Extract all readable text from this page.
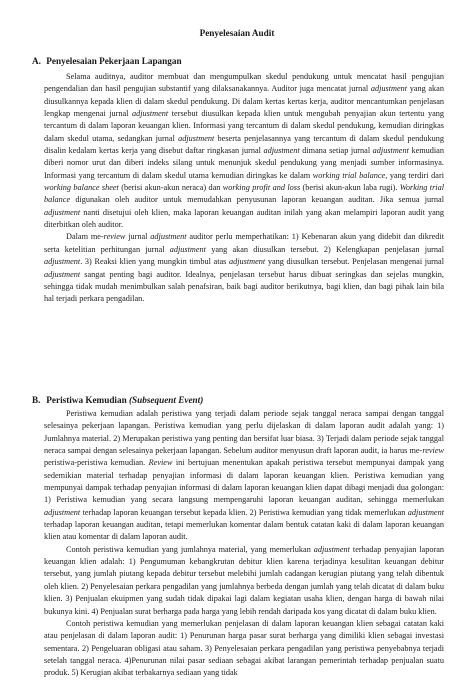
Penyelesaian Audit
A. Penyelesaian Pekerjaan Lapangan

Selama auditnya, auditor membuat dan mengumpulkan skedul pendukung untuk mencatat hasil pengujian pengendalian dan hasil pengujian substantif yang dilaksanakannya. Auditor juga mencatat jurnal adjustment yang akan diusulkannya kepada klien di dalam skedul pendukung. Di dalam kertas kertas kerja, auditor mencantumkan penjelasan lengkap mengenai jurnal adjustment tersebut diusulkan kepada klien untuk mengubah penyajian akun tertentu yang tercantum di dalam laporan keuangan klien. Informasi yang tercantum di dalam skedul pendukung, kemudian diringkas dalam skedul utama, sedangkan jurnal adjustment beserta penjelasannya yang tercantum di dalam skedul pendukung disalin kedalam kertas kerja yang disebut daftar ringkasan jurnal adjustment dimana setiap jurnal adjustment kemudian diberi nomor urut dan diberi indeks silang untuk menunjuk skedul pendukung yang menjadi sumber informasinya. Informasi yang tercantum di dalam skedul utama kemudian diringkas ke dalam working trial balance, yang terdiri dari working balance sheet (berisi akun-akun neraca) dan working profit and loss (berisi akun-akun laba rugi). Working trial balance digunakan oleh auditor untuk memudahkan penyusunan laporan keuangan auditan. Jika semua jurnal adjustment nanti disetujui oleh klien, maka laporan keuangan auditan inilah yang akan melampiri laporan audit yang diterbitkan oleh auditor.

Dalam me-review jurnal adjustment auditor perlu memperhatikan: 1) Kebenaran akun yang didebit dan dikredit serta ketelitian perhitungan jurnal adjustment yang akan diusulkan tersebut. 2) Kelengkapan penjelasan jurnal adjustment. 3) Reaksi klien yang mungkin timbul atas adjustment yang diusulkan tersebut. Penjelasan mengenai jurnal adjustment sangat penting bagi auditor. Idealnya, penjelasan tersebut harus dibuat seringkas dan sejelas mungkin, sehingga tidak mudah menimbulkan salah penafsiran, baik bagi auditor berikutnya, bagi klien, dan bagi pihak lain bila hal terjadi perkara pengadilan.

B. Peristiwa Kemudian (Subsequent Event)

Peristiwa kemudian adalah peristiwa yang terjadi dalam periode sejak tanggal neraca sampai dengan tanggal selesainya pekerjaan lapangan. Peristiwa kemudian yang perlu dijelaskan di dalam laporan audit adalah yang: 1) Jumlahnya material. 2) Merupakan peristiwa yang penting dan bersifat luar biasa. 3) Terjadi dalam periode sejak tanggal neraca sampai dengan selesainya pekerjaan lapangan. Sebelum auditor menyusun draft laporan audit, ia harus me-review peristiwa-peristiwa kemudian. Review ini bertujuan menentukan apakah peristiwa tersebut mempunyai dampak yang sedemikian material terhadap penyajian informasi di dalam laporan keuangan klien. Peristiwa kemudian yang mempunyai dampak terhadap penyajian informasi di dalam laporan keuangan klien dapat dibagi menjadi dua golongan: 1) Peristiwa kemudian yang secara langsung mempengaruhi laporan keuangan auditan, sehingga memerlukan adjustment terhadap laporan keuangan tersebut kepada klien. 2) Peristiwa kemudian yang tidak memerlukan adjustment terhadap laporan keuangan auditan, tetapi memerlukan komentar dalam bentuk catatan kaki di dalam laporan keuangan klien atau komentar di dalam laporan audit.

Contoh peristiwa kemudian yang jumlahnya material, yang memerlukan adjustment terhadap penyajian laporan keuangan klien adalah: 1) Pengumuman kebangkrutan debitur klien karena terjadinya kesulitan keuangan debitur tersebut, yang jumlah piutang kepada debitur tersebut melebihi jumlah cadangan kerugian piutang yang telah dibentuk oleh klien. 2) Penyelesaian perkara pengadilan yang jumlahnya berbeda dengan jumlah yang telah dicatat di dalam buku klien. 3) Penjualan ekuipmen yang sudah tidak dipakai lagi dalam kegiatan usaha klien, dengan harga di bawah nilai bukunya kini. 4) Penjualan surat berharga pada harga yang lebih rendah daripada kos yang dicatat di dalam buku klien.

Contoh peristiwa kemudian yang memerlukan penjelasan di dalam laporan keuangan klien sebagai catatan kaki atau penjelasan di dalam laporan audit: 1) Penurunan harga pasar surat berharga yang dimiliki klien sebagai investasi sementara. 2) Pengeluaran obligasi atau saham. 3) Penyelesaian perkara pengadilan yang peristiwa penyebabnya terjadi setelah tanggal neraca. 4)Penurunan nilai pasar sediaan sebagai akibat larangan pemerintah terhadap penjualan suatu produk. 5) Kerugian akibat terbakarnya sediaan yang tidak
